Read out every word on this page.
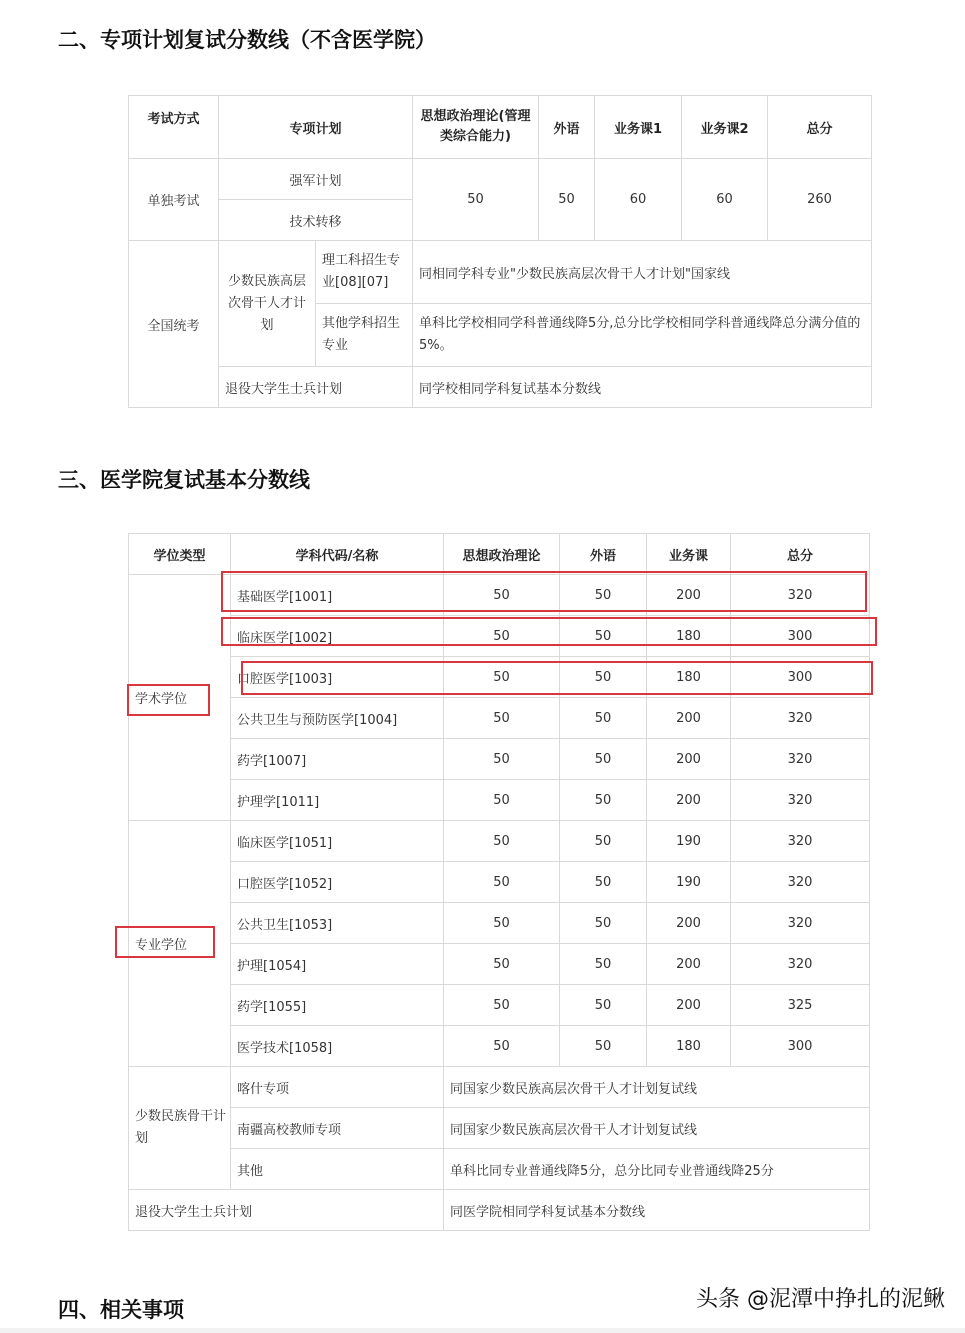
二、专项计划复试分数线（不含医学院）
考试方式	专项计划		思想政治理论(管理类综合能力)	外语	业务课1	业务课2	总分
单独考试	强军计划		50	50	60	60	260
	技术转移						
全国统考	少数民族高层次骨干人才计划	理工科招生专业[08][07]	同相同学科专业"少数民族高层次骨干人才计划"国家线				
		其他学科招生专业	单科比学校相同学科普通线降5分,总分比学校相同学科普通线降总分满分值的5%。				
	退役大学生士兵计划		同学校相同学科复试基本分数线				
三、医学院复试基本分数线
学位类型	学科代码/名称	思想政治理论	外语	业务课	总分
学术学位	基础医学[1001]	50	50	200	320
	临床医学[1002]	50	50	180	300
	口腔医学[1003]	50	50	180	300
	公共卫生与预防医学[1004]	50	50	200	320
	药学[1007]	50	50	200	320
	护理学[1011]	50	50	200	320
专业学位	临床医学[1051]	50	50	190	320
	口腔医学[1052]	50	50	190	320
	公共卫生[1053]	50	50	200	320
	护理[1054]	50	50	200	320
	药学[1055]	50	50	200	325
	医学技术[1058]	50	50	180	300
少数民族骨干计划	喀什专项	同国家少数民族高层次骨干人才计划复试线			
	南疆高校教师专项	同国家少数民族高层次骨干人才计划复试线			
	其他	单科比同专业普通线降5分，总分比同专业普通线降25分			
退役大学生士兵计划		同医学院相同学科复试基本分数线			
四、相关事项	头条 @泥潭中挣扎的泥鳅
